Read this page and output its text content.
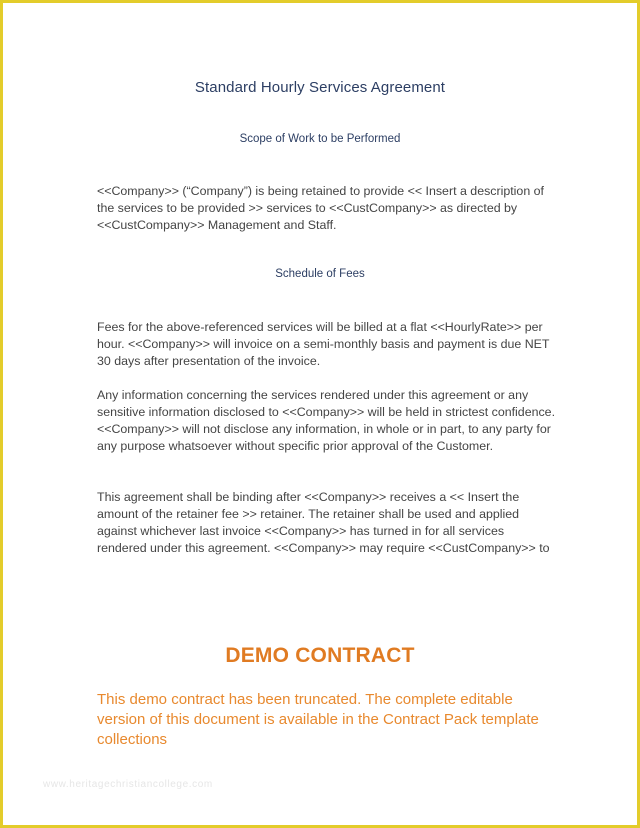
Standard Hourly Services Agreement
Scope of Work to be Performed

<<Company>> (“Company”) is being retained to provide << Insert a description of the services to be provided >> services to <<CustCompany>> as directed by <<CustCompany>> Management and Staff.

Schedule of Fees

Fees for the above-referenced services will be billed at a flat <<HourlyRate>> per hour. <<Company>> will invoice on a semi-monthly basis and payment is due NET 30 days after presentation of the invoice.

Any information concerning the services rendered under this agreement or any sensitive information disclosed to <<Company>> will be held in strictest confidence. <<Company>> will not disclose any information, in whole or in part, to any party for any purpose whatsoever without specific prior approval of the Customer.

This agreement shall be binding after <<Company>> receives a << Insert the amount of the retainer fee >> retainer. The retainer shall be used and applied against whichever last invoice <<Company>> has turned in for all services rendered under this agreement. <<Company>> may require <<CustCompany>> to

DEMO CONTRACT

This demo contract has been truncated. The complete editable version of this document is available in the Contract Pack template collections

www.heritagechristiancollege.com
